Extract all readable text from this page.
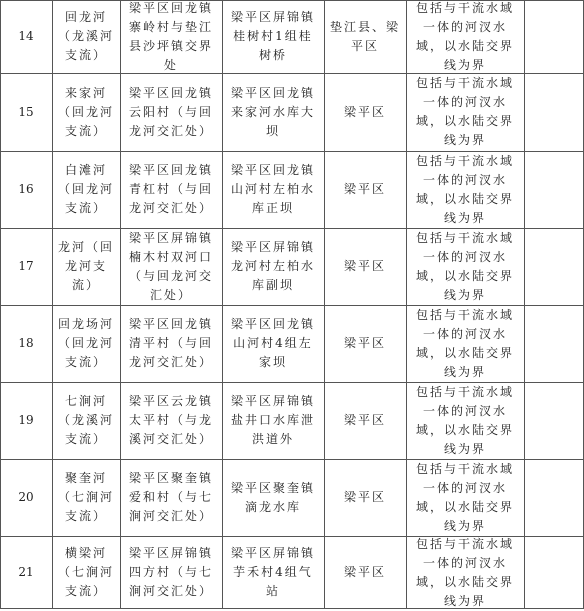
14
回龙河（龙溪河支流）
梁平区回龙镇寨岭村与垫江县沙坪镇交界处
梁平区屏锦镇桂树村1组桂树桥
垫江县、梁平区
包括与干流水域一体的河汊水域，以水陆交界线为界
15
来家河（回龙河支流）
梁平区回龙镇云阳村（与回龙河交汇处）
梁平区回龙镇来家河水库大坝
梁平区
包括与干流水域一体的河汊水域，以水陆交界线为界
16
白滩河（回龙河支流）
梁平区回龙镇青杠村（与回龙河交汇处）
梁平区回龙镇山河村左柏水库正坝
梁平区
包括与干流水域一体的河汊水域，以水陆交界线为界
17
龙河（回龙河支流）
梁平区屏锦镇楠木村双河口（与回龙河交汇处）
梁平区屏锦镇龙河村左柏水库副坝
梁平区
包括与干流水域一体的河汊水域，以水陆交界线为界
18
回龙场河（回龙河支流）
梁平区回龙镇清平村（与回龙河交汇处）
梁平区回龙镇山河村4组左家坝
梁平区
包括与干流水域一体的河汊水域，以水陆交界线为界
19
七涧河（龙溪河支流）
梁平区云龙镇太平村（与龙溪河交汇处）
梁平区屏锦镇盐井口水库泄洪道外
梁平区
包括与干流水域一体的河汊水域，以水陆交界线为界
20
聚奎河（七涧河支流）
梁平区聚奎镇爱和村（与七涧河交汇处）
梁平区聚奎镇滴龙水库
梁平区
包括与干流水域一体的河汊水域，以水陆交界线为界
21
横梁河（七涧河支流）
梁平区屏锦镇四方村（与七涧河交汇处）
梁平区屏锦镇芋禾村4组气站
梁平区
包括与干流水域一体的河汊水域，以水陆交界线为界
